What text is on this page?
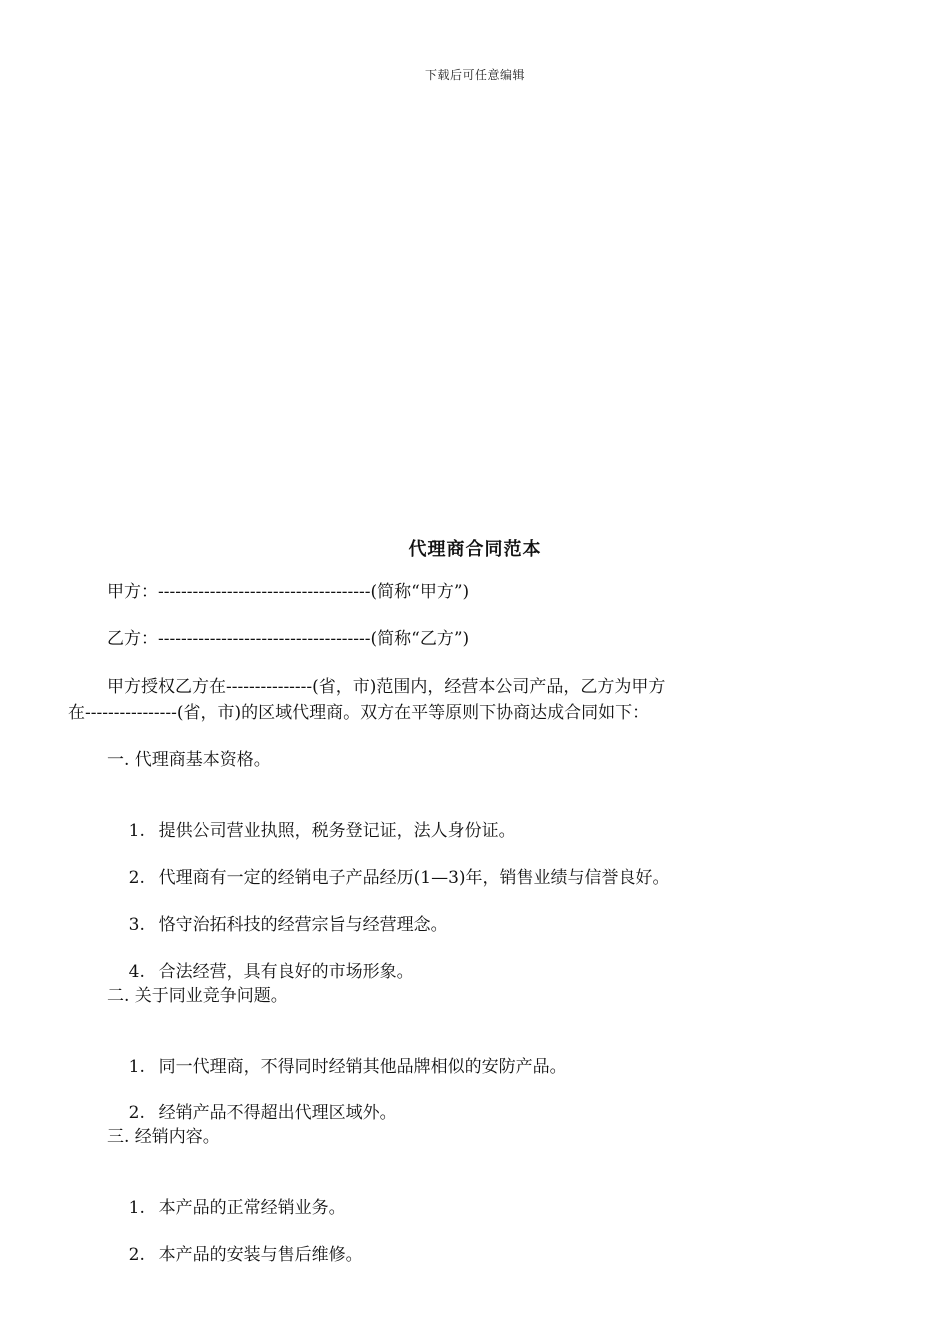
下载后可任意编辑
代理商合同范本
甲方：-------------------------------------(简称“甲方”)
乙方：-------------------------------------(简称“乙方”)
甲方授权乙方在---------------(省，市)范围内，经营本公司产品，乙方为甲方
在----------------(省，市)的区域代理商。双方在平等原则下协商达成合同如下：
一. 代理商基本资格。

1. 提供公司营业执照，税务登记证，法人身份证。

2. 代理商有一定的经销电子产品经历(1—3)年，销售业绩与信誉良好。

3. 恪守治拓科技的经营宗旨与经营理念。

4. 合法经营，具有良好的市场形象。

二. 关于同业竞争问题。

1. 同一代理商，不得同时经销其他品牌相似的安防产品。

2. 经销产品不得超出代理区域外。

三. 经销内容。

1. 本产品的正常经销业务。

2. 本产品的安装与售后维修。
